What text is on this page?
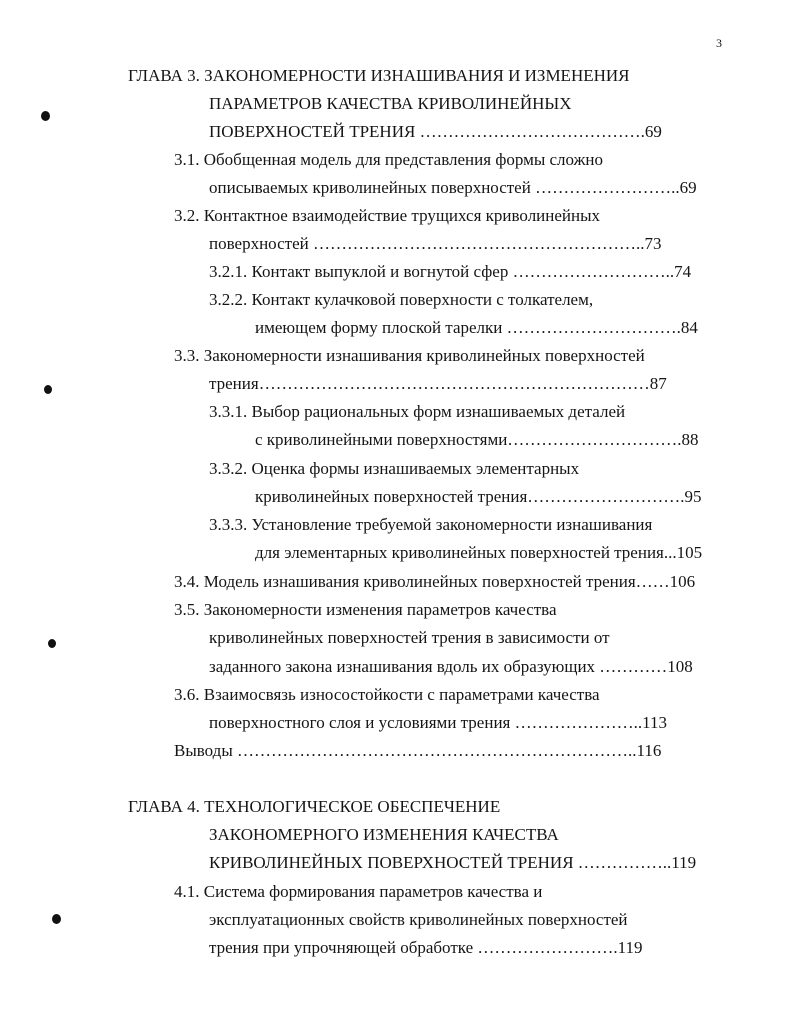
3
ГЛАВА 3. ЗАКОНОМЕРНОСТИ ИЗНАШИВАНИЯ И ИЗМЕНЕНИЯ
ПАРАМЕТРОВ КАЧЕСТВА КРИВОЛИНЕЙНЫХ
ПОВЕРХНОСТЕЙ ТРЕНИЯ ………………………………….69
3.1. Обобщенная модель для представления формы сложно
описываемых криволинейных поверхностей ……………………..69
3.2. Контактное взаимодействие трущихся криволинейных
поверхностей …………………………………………………..73
3.2.1. Контакт выпуклой и вогнутой сфер ………………………..74
3.2.2. Контакт кулачковой поверхности с толкателем,
имеющем форму плоской тарелки ………………………….84
3.3. Закономерности изнашивания криволинейных поверхностей
трения……………………………………………………………87
3.3.1. Выбор рациональных форм изнашиваемых деталей
с криволинейными поверхностями………………………….88
3.3.2. Оценка формы изнашиваемых элементарных
криволинейных поверхностей трения……………………….95
3.3.3. Установление требуемой закономерности изнашивания
для элементарных криволинейных поверхностей трения...105
3.4. Модель изнашивания криволинейных поверхностей трения……106
3.5. Закономерности изменения параметров качества
криволинейных поверхностей трения в зависимости от
заданного закона изнашивания вдоль их образующих …………108
3.6. Взаимосвязь износостойкости с параметрами качества
поверхностного слоя и условиями трения …………………..113
Выводы ……………………………………………………………..116
ГЛАВА 4. ТЕХНОЛОГИЧЕСКОЕ ОБЕСПЕЧЕНИЕ
ЗАКОНОМЕРНОГО ИЗМЕНЕНИЯ КАЧЕСТВА
КРИВОЛИНЕЙНЫХ ПОВЕРХНОСТЕЙ ТРЕНИЯ ……………..119
4.1. Система формирования параметров качества и
эксплуатационных свойств криволинейных поверхностей
трения при упрочняющей обработке …………………….119
